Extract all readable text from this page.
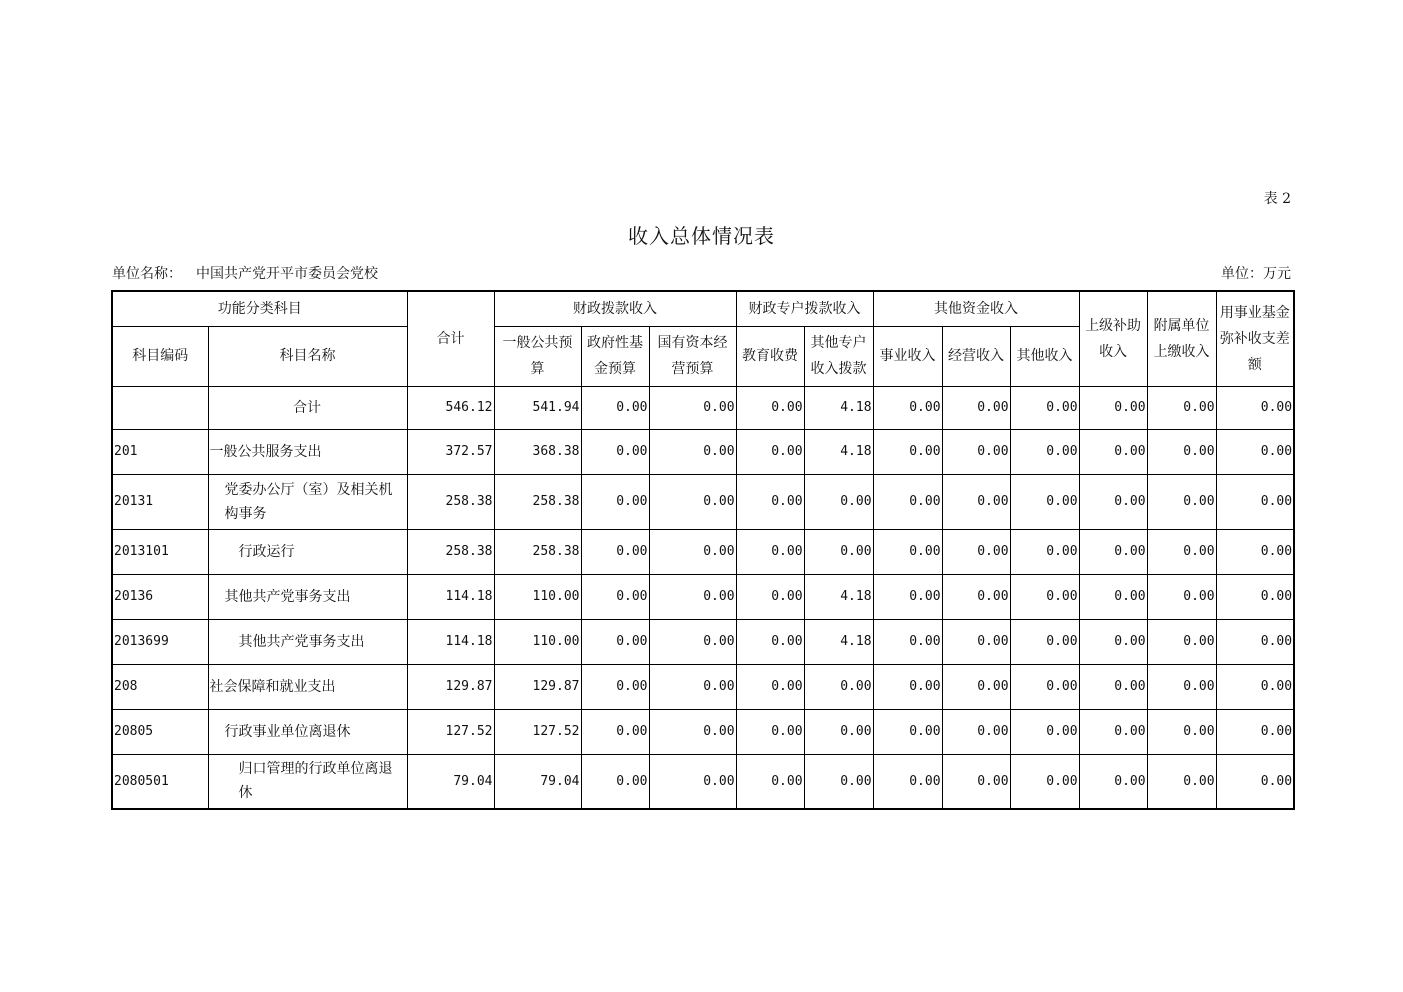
表 2
收入总体情况表
单位名称： 中国共产党开平市委员会党校	单位：万元
功能分类科目		合计	财政拨款收入			财政专户拨款收入		其他资金收入			上级补助收入	附属单位上缴收入	用事业基金弥补收支差额
科目编码	科目名称		一般公共预算	政府性基金预算	国有资本经营预算	教育收费	其他专户收入拨款	事业收入	经营收入	其他收入			
	合计	546.12	541.94	0.00	0.00	0.00	4.18	0.00	0.00	0.00	0.00	0.00	0.00
201	一般公共服务支出	372.57	368.38	0.00	0.00	0.00	4.18	0.00	0.00	0.00	0.00	0.00	0.00
20131	党委办公厅（室）及相关机构事务	258.38	258.38	0.00	0.00	0.00	0.00	0.00	0.00	0.00	0.00	0.00	0.00
2013101	行政运行	258.38	258.38	0.00	0.00	0.00	0.00	0.00	0.00	0.00	0.00	0.00	0.00
20136	其他共产党事务支出	114.18	110.00	0.00	0.00	0.00	4.18	0.00	0.00	0.00	0.00	0.00	0.00
2013699	其他共产党事务支出	114.18	110.00	0.00	0.00	0.00	4.18	0.00	0.00	0.00	0.00	0.00	0.00
208	社会保障和就业支出	129.87	129.87	0.00	0.00	0.00	0.00	0.00	0.00	0.00	0.00	0.00	0.00
20805	行政事业单位离退休	127.52	127.52	0.00	0.00	0.00	0.00	0.00	0.00	0.00	0.00	0.00	0.00
2080501	归口管理的行政单位离退休	79.04	79.04	0.00	0.00	0.00	0.00	0.00	0.00	0.00	0.00	0.00	0.00
